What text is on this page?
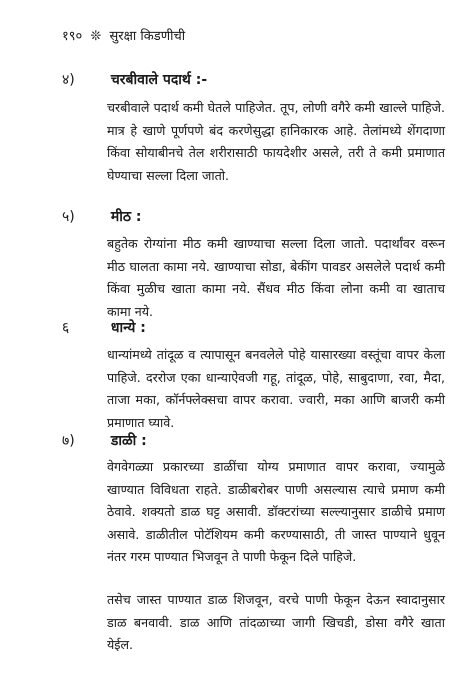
१९० ❊ सुरक्षा किडणीची
४)	चरबीवाले पदार्थ :-
चरबीवाले पदार्थ कमी घेतले पाहिजेत. तूप, लोणी वगैरे कमी खाल्ले पाहिजे. मात्र हे खाणे पूर्णपणे बंद करणेसुद्धा हानिकारक आहे. तेलांमध्ये शेंगदाणा किंवा सोयाबीनचे तेल शरीरासाठी फायदेशीर असले, तरी ते कमी प्रमाणात घेण्याचा सल्ला दिला जातो.
५)	मीठ :
बहुतेक रोग्यांना मीठ कमी खाण्याचा सल्ला दिला जातो. पदार्थांवर वरून मीठ घालता कामा नये. खाण्याचा सोडा, बेकींग पावडर असलेले पदार्थ कमी किंवा मुळीच खाता कामा नये. सैंधव मीठ किंवा लोना कमी वा खाताच कामा नये.
६	धान्ये :
धान्यांमध्ये तांदूळ व त्यापासून बनवलेले पोहे यासारख्या वस्तूंचा वापर केला पाहिजे. दररोज एका धान्याऐवजी गहू, तांदूळ, पोहे, साबुदाणा, रवा, मैदा, ताजा मका, कॉर्नफ्लेक्सचा वापर करावा. ज्वारी, मका आणि बाजरी कमी प्रमाणात घ्यावे.
७)	डाळी :
वेगवेगळ्या प्रकारच्या डाळींचा योग्य प्रमाणात वापर करावा, ज्यामुळे खाण्यात विविधता राहते. डाळीबरोबर पाणी असल्यास त्याचे प्रमाण कमी ठेवावे. शक्यतो डाळ घट्ट असावी. डॉक्टरांच्या सल्ल्यानुसार डाळीचे प्रमाण असावे. डाळीतील पोटॅशियम कमी करण्यासाठी, ती जास्त पाण्याने धुवून नंतर गरम पाण्यात भिजवून ते पाणी फेकून दिले पाहिजे.
तसेच जास्त पाण्यात डाळ शिजवून, वरचे पाणी फेकून देऊन स्वादानुसार डाळ बनवावी. डाळ आणि तांदळाच्या जागी खिचडी, डोसा वगैरे खाता येईल.
